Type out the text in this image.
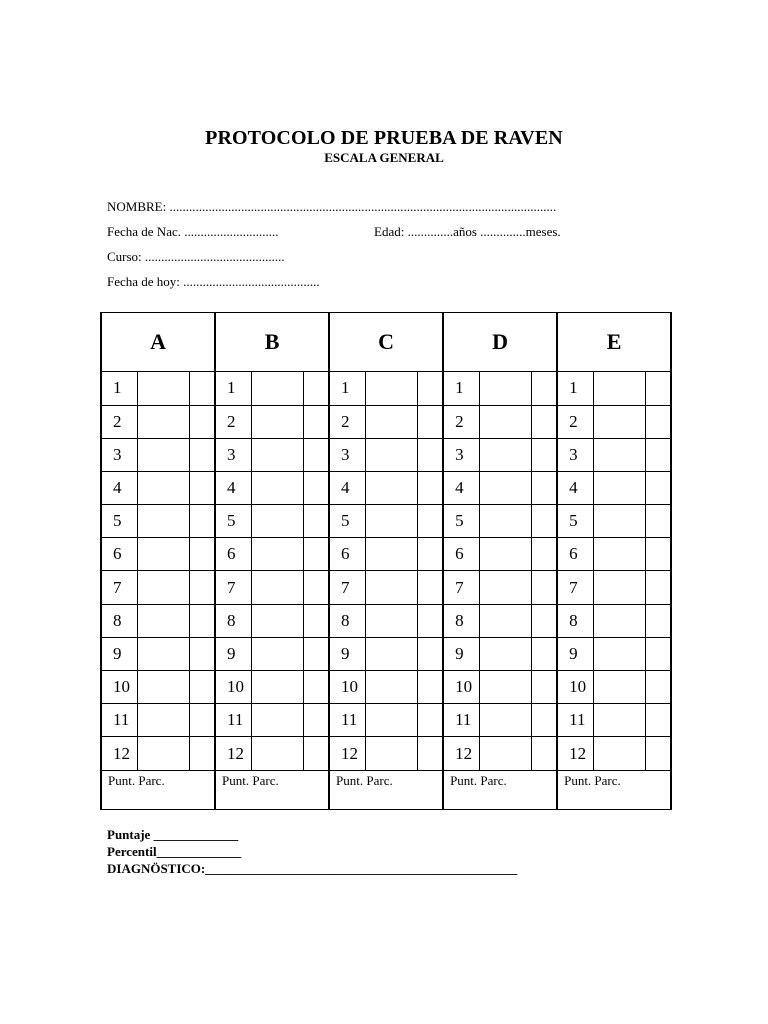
PROTOCOLO DE PRUEBA DE RAVEN
ESCALA GENERAL
NOMBRE: .......................................................................................................................
Fecha de Nac. .............................	Edad: ..............años ..............meses.
Curso: ...........................................
Fecha de hoy: ..........................................
A			B			C			D			E		
1			1			1			1			1		
2			2			2			2			2		
3			3			3			3			3		
4			4			4			4			4		
5			5			5			5			5		
6			6			6			6			6		
7			7			7			7			7		
8			8			8			8			8		
9			9			9			9			9		
10			10			10			10			10		
11			11			11			11			11		
12			12			12			12			12		
Punt. Parc.			Punt. Parc.			Punt. Parc.			Punt. Parc.			Punt. Parc.		
Puntaje _____________
Percentil_____________
DIAGNÖSTICO:________________________________________________
